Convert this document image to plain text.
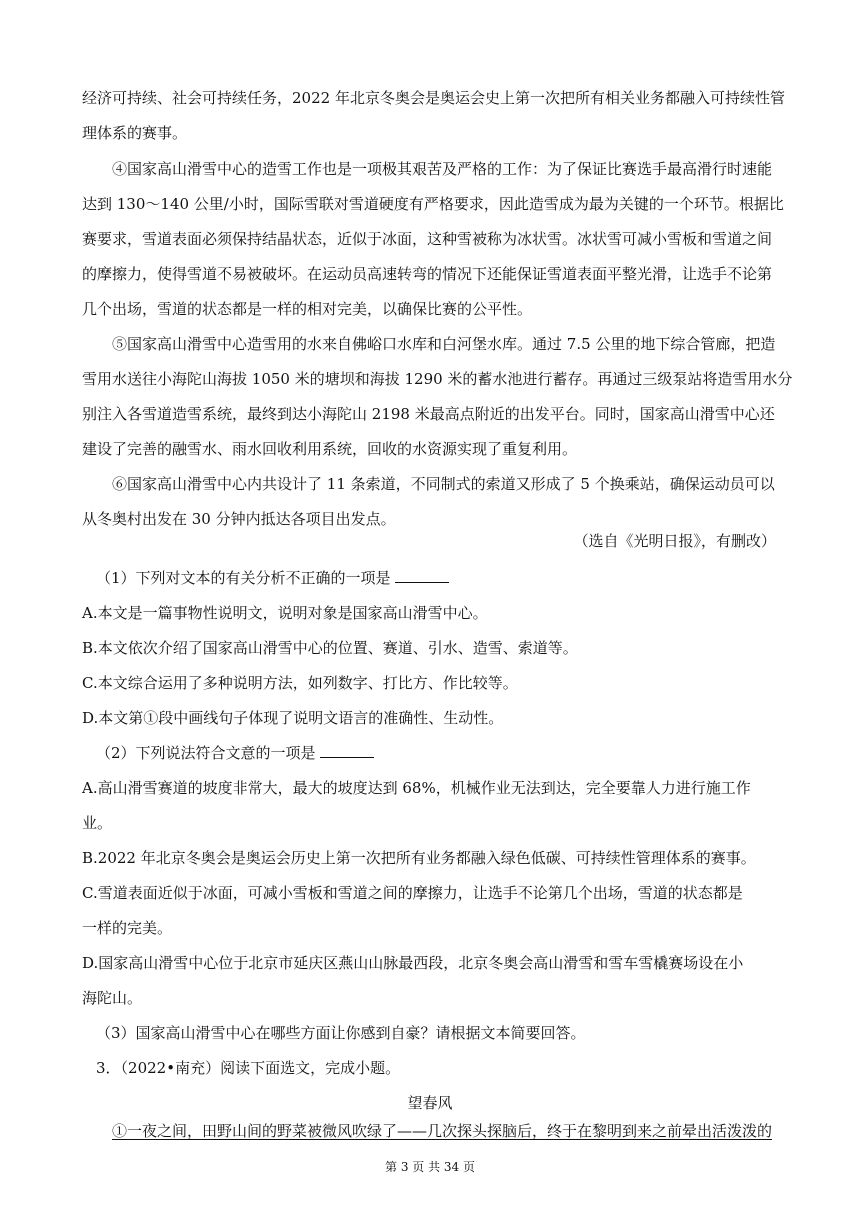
经济可持续、社会可持续任务，2022 年北京冬奥会是奥运会史上第一次把所有相关业务都融入可持续性管
理体系的赛事。
④国家高山滑雪中心的造雪工作也是一项极其艰苦及严格的工作：为了保证比赛选手最高滑行时速能
达到 130～140 公里/小时，国际雪联对雪道硬度有严格要求，因此造雪成为最为关键的一个环节。根据比
赛要求，雪道表面必须保持结晶状态，近似于冰面，这种雪被称为冰状雪。冰状雪可减小雪板和雪道之间
的摩擦力，使得雪道不易被破坏。在运动员高速转弯的情况下还能保证雪道表面平整光滑，让选手不论第
几个出场，雪道的状态都是一样的相对完美，以确保比赛的公平性。
⑤国家高山滑雪中心造雪用的水来自佛峪口水库和白河堡水库。通过 7.5 公里的地下综合管廊，把造
雪用水送往小海陀山海拔 1050 米的塘坝和海拔 1290 米的蓄水池进行蓄存。再通过三级泵站将造雪用水分
别注入各雪道造雪系统，最终到达小海陀山 2198 米最高点附近的出发平台。同时，国家高山滑雪中心还
建设了完善的融雪水、雨水回收利用系统，回收的水资源实现了重复利用。
⑥国家高山滑雪中心内共设计了 11 条索道，不同制式的索道又形成了 5 个换乘站，确保运动员可以
从冬奥村出发在 30 分钟内抵达各项目出发点。
（选自《光明日报》，有删改）
（1）下列对文本的有关分析不正确的一项是
A.本文是一篇事物性说明文，说明对象是国家高山滑雪中心。
B.本文依次介绍了国家高山滑雪中心的位置、赛道、引水、造雪、索道等。
C.本文综合运用了多种说明方法，如列数字、打比方、作比较等。
D.本文第①段中画线句子体现了说明文语言的准确性、生动性。
（2）下列说法符合文意的一项是
A.高山滑雪赛道的坡度非常大，最大的坡度达到 68%，机械作业无法到达，完全要靠人力进行施工作
业。
B.2022 年北京冬奥会是奥运会历史上第一次把所有业务都融入绿色低碳、可持续性管理体系的赛事。
C.雪道表面近似于冰面，可减小雪板和雪道之间的摩擦力，让选手不论第几个出场，雪道的状态都是
一样的完美。
D.国家高山滑雪中心位于北京市延庆区燕山山脉最西段，北京冬奥会高山滑雪和雪车雪橇赛场设在小
海陀山。
（3）国家高山滑雪中心在哪些方面让你感到自豪？请根据文本简要回答。
3．（2022•南充）阅读下面选文，完成小题。
望春风
①一夜之间，田野山间的野菜被微风吹绿了——几次探头探脑后，终于在黎明到来之前晕出活泼泼的
第 3 页 共 34 页
